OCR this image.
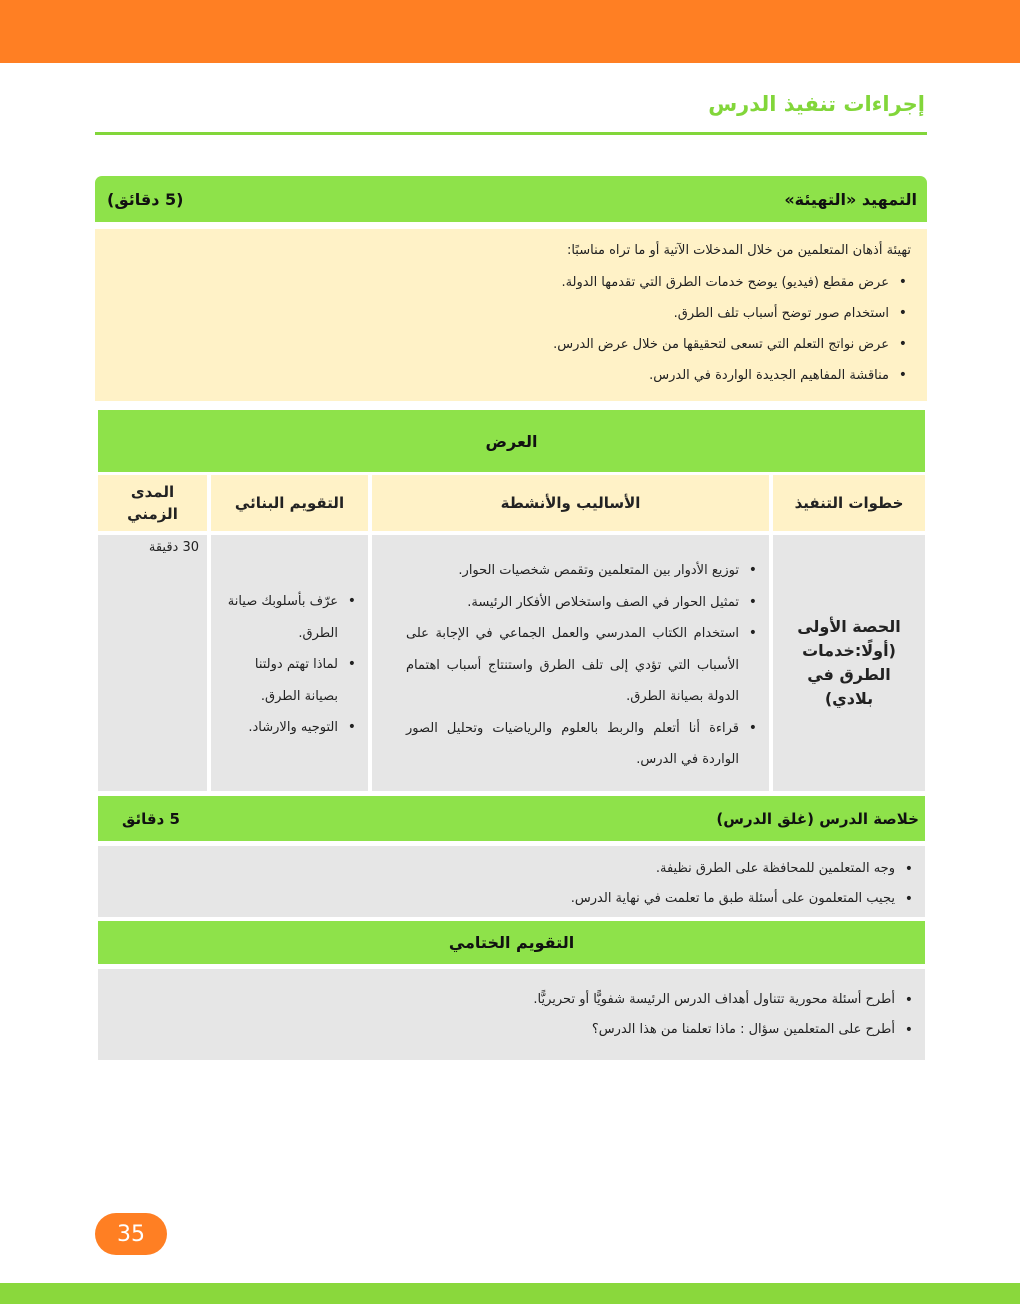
إجراءات تنفيذ الدرس
التمهيد «التهيئة»
(5 دقائق)

تهيئة أذهان المتعلمين من خلال المدخلات الآتية أو ما تراه مناسبًا:

• عرض مقطع (فيديو) يوضح خدمات الطرق التي تقدمها الدولة.
• استخدام صور توضح أسباب تلف الطرق.
• عرض نواتج التعلم التي تسعى لتحقيقها من خلال عرض الدرس.
• مناقشة المفاهيم الجديدة الواردة في الدرس.
العرض
خطوات التنفيذ
الأساليب والأنشطة
التقويم البنائي
المدى الزمني
الحصة الأولى (أولًا:خدمات الطرق في بلادي)
• توزيع الأدوار بين المتعلمين وتقمص شخصيات الحوار.
• تمثيل الحوار في الصف واستخلاص الأفكار الرئيسة.
• استخدام الكتاب المدرسي والعمل الجماعي في الإجابة على الأسباب التي تؤدي إلى تلف الطرق واستنتاج أسباب اهتمام الدولة بصيانة الطرق.
• قراءة أنا أتعلم والربط بالعلوم والرياضيات وتحليل الصور الواردة في الدرس.
• عرّف بأسلوبك صيانة الطرق.
• لماذا تهتم دولتنا بصيانة الطرق.
• التوجيه والارشاد.
30 دقيقة
خلاصة الدرس (غلق الدرس)
5 دقائق
• وجه المتعلمين للمحافظة على الطرق نظيفة.
• يجيب المتعلمون على أسئلة طبق ما تعلمت في نهاية الدرس.
التقويم الختامي
• أطرح أسئلة محورية تتناول أهداف الدرس الرئيسة شفويًّا أو تحريريًّا.
• أطرح على المتعلمين سؤال : ماذا تعلمنا من هذا الدرس؟
35
